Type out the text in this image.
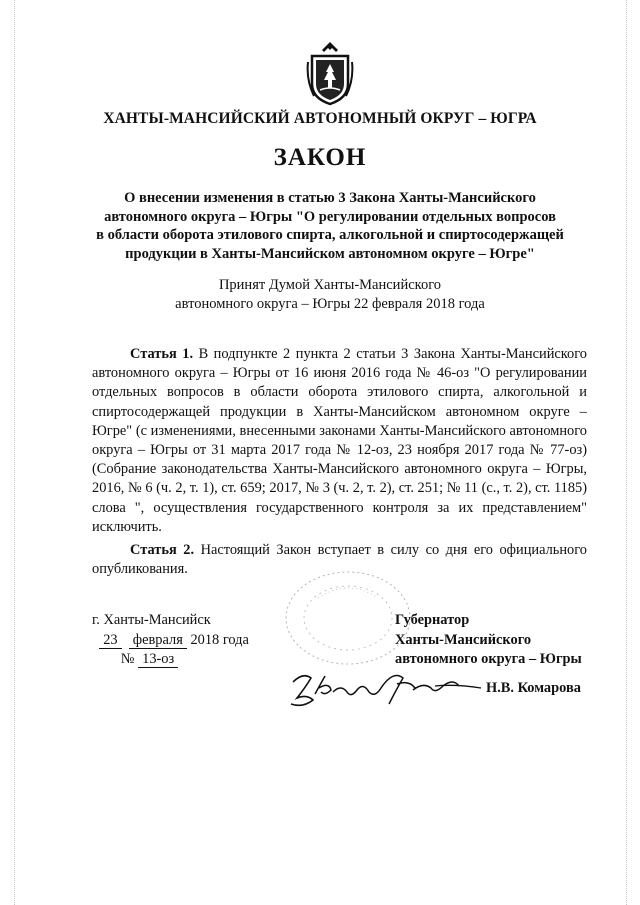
ХАНТЫ-МАНСИЙСКИЙ АВТОНОМНЫЙ ОКРУГ – ЮГРА
ЗАКОН
О внесении изменения в статью 3 Закона Ханты-Мансийского
автономного округа – Югры "О регулировании отдельных вопросов
в области оборота этилового спирта, алкогольной и спиртосодержащей
продукции в Ханты-Мансийском автономном округе – Югре"
Принят Думой Ханты-Мансийского
автономного округа – Югры 22 февраля 2018 года
Статья 1. В подпункте 2 пункта 2 статьи 3 Закона Ханты-Мансийского автономного округа – Югры от 16 июня 2016 года № 46-оз "О регулировании отдельных вопросов в области оборота этилового спирта, алкогольной и спиртосодержащей продукции в Ханты-Мансийском автономном округе – Югре" (с изменениями, внесенными законами Ханты-Мансийского автономного округа – Югры от 31 марта 2017 года № 12-оз, 23 ноября 2017 года № 77-оз) (Собрание законодательства Ханты-Мансийского автономного округа – Югры, 2016, № 6 (ч. 2, т. 1), ст. 659; 2017, № 3 (ч. 2, т. 2), ст. 251; № 11 (с., т. 2), ст. 1185) слова ", осуществления государственного контроля за их представлением" исключить.
Статья 2. Настоящий Закон вступает в силу со дня его официального опубликования.
г. Ханты-Мансийск
23 февраля 2018 года
№ 13-оз
Губернатор
Ханты-Мансийского
автономного округа – Югры
Н.В. Комарова
